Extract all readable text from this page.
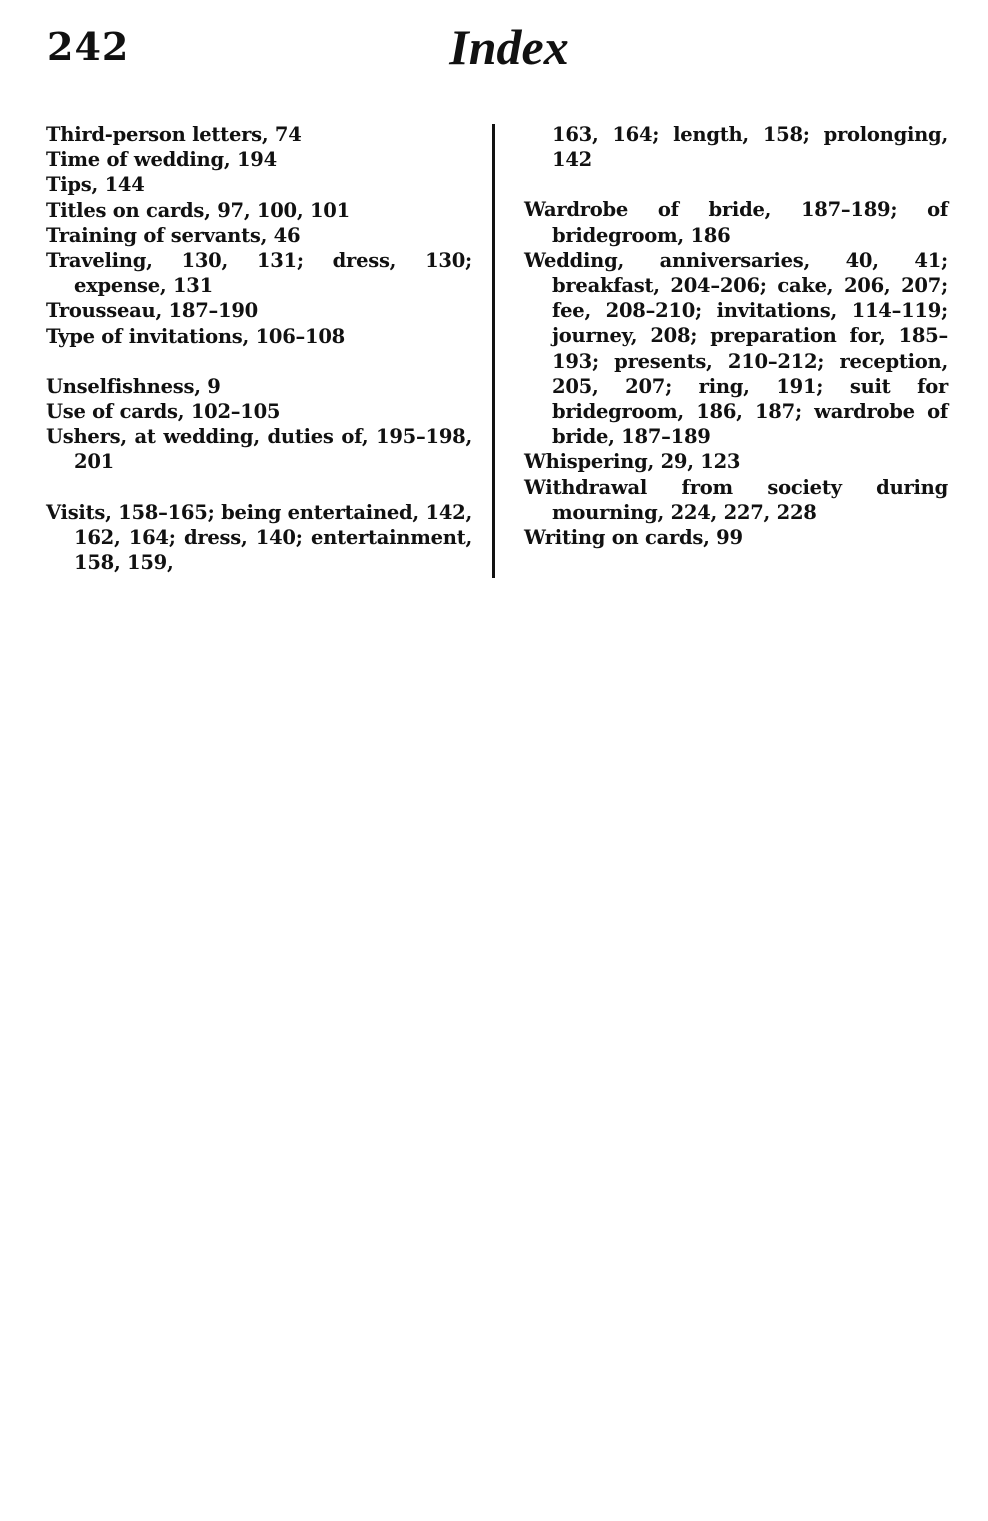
242	Index
Third-person letters, 74
Time of wedding, 194
Tips, 144
Titles on cards, 97, 100, 101
Training of servants, 46
Traveling, 130, 131; dress, 130; expense, 131
Trousseau, 187–190
Type of invitations, 106–108
Unselfishness, 9
Use of cards, 102–105
Ushers, at wedding, duties of, 195–198, 201
Visits, 158–165; being entertained, 142, 162, 164; dress, 140; entertainment, 158, 159,
163, 164; length, 158; prolonging, 142
Wardrobe of bride, 187–189; of bridegroom, 186
Wedding, anniversaries, 40, 41; breakfast, 204–206; cake, 206, 207; fee, 208–210; invitations, 114–119; journey, 208; preparation for, 185–193; presents, 210–212; reception, 205, 207; ring, 191; suit for bridegroom, 186, 187; wardrobe of bride, 187–189
Whispering, 29, 123
Withdrawal from society during mourning, 224, 227, 228
Writing on cards, 99
